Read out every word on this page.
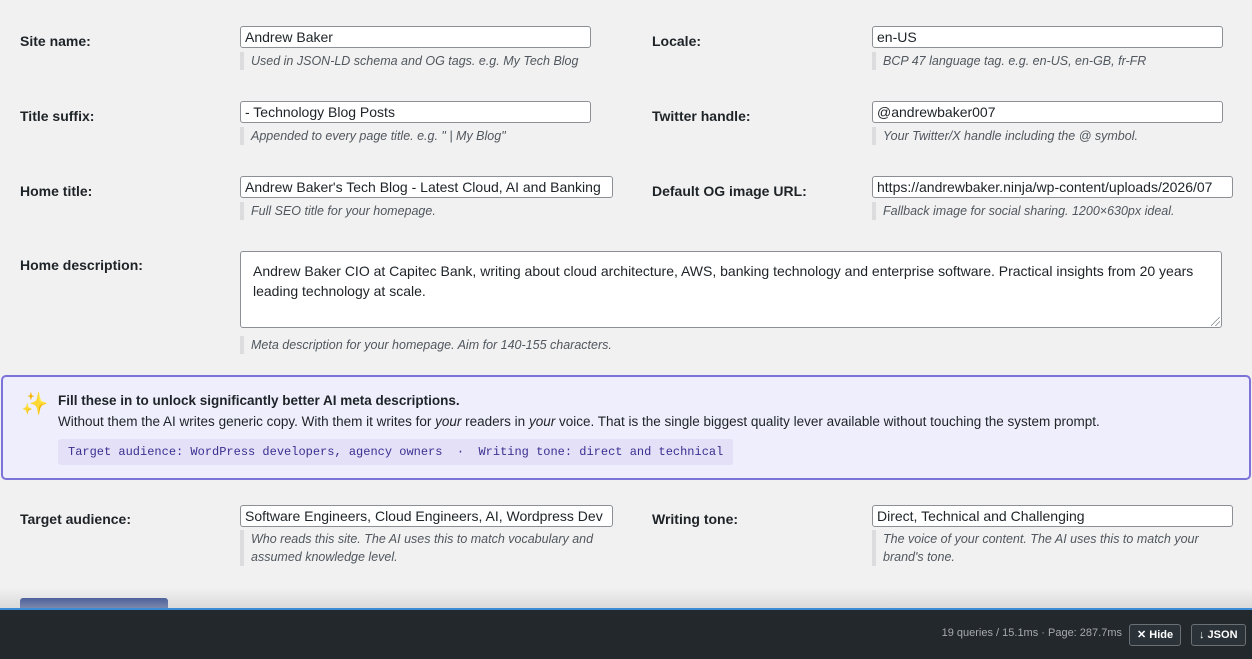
Site name:	Andrew Baker
Used in JSON-LD schema and OG tags. e.g. My Tech Blog
Locale:	en-US
BCP 47 language tag. e.g. en-US, en-GB, fr-FR
Title suffix:	- Technology Blog Posts
Appended to every page title. e.g. " | My Blog"
Twitter handle:	@andrewbaker007
Your Twitter/X handle including the @ symbol.
Home title:	Andrew Baker's Tech Blog - Latest Cloud, AI and Banking
Full SEO title for your homepage.
Default OG image URL:	https://andrewbaker.ninja/wp-content/uploads/2026/07
Fallback image for social sharing. 1200×630px ideal.
Home description:	Andrew Baker CIO at Capitec Bank, writing about cloud architecture, AWS, banking technology and enterprise software. Practical insights from 20 years leading technology at scale.
Meta description for your homepage. Aim for 140-155 characters.
✨ Fill these in to unlock significantly better AI meta descriptions.
Without them the AI writes generic copy. With them it writes for your readers in your voice. That is the single biggest quality lever available without touching the system prompt.
Target audience: WordPress developers, agency owners  ·  Writing tone: direct and technical
Target audience:	Software Engineers, Cloud Engineers, AI, Wordpress Dev
Who reads this site. The AI uses this to match vocabulary and
assumed knowledge level.
Writing tone:	Direct, Technical and Challenging
The voice of your content. The AI uses this to match your
brand's tone.
19 queries / 15.1ms · Page: 287.7ms	✕ Hide	↓ JSON
